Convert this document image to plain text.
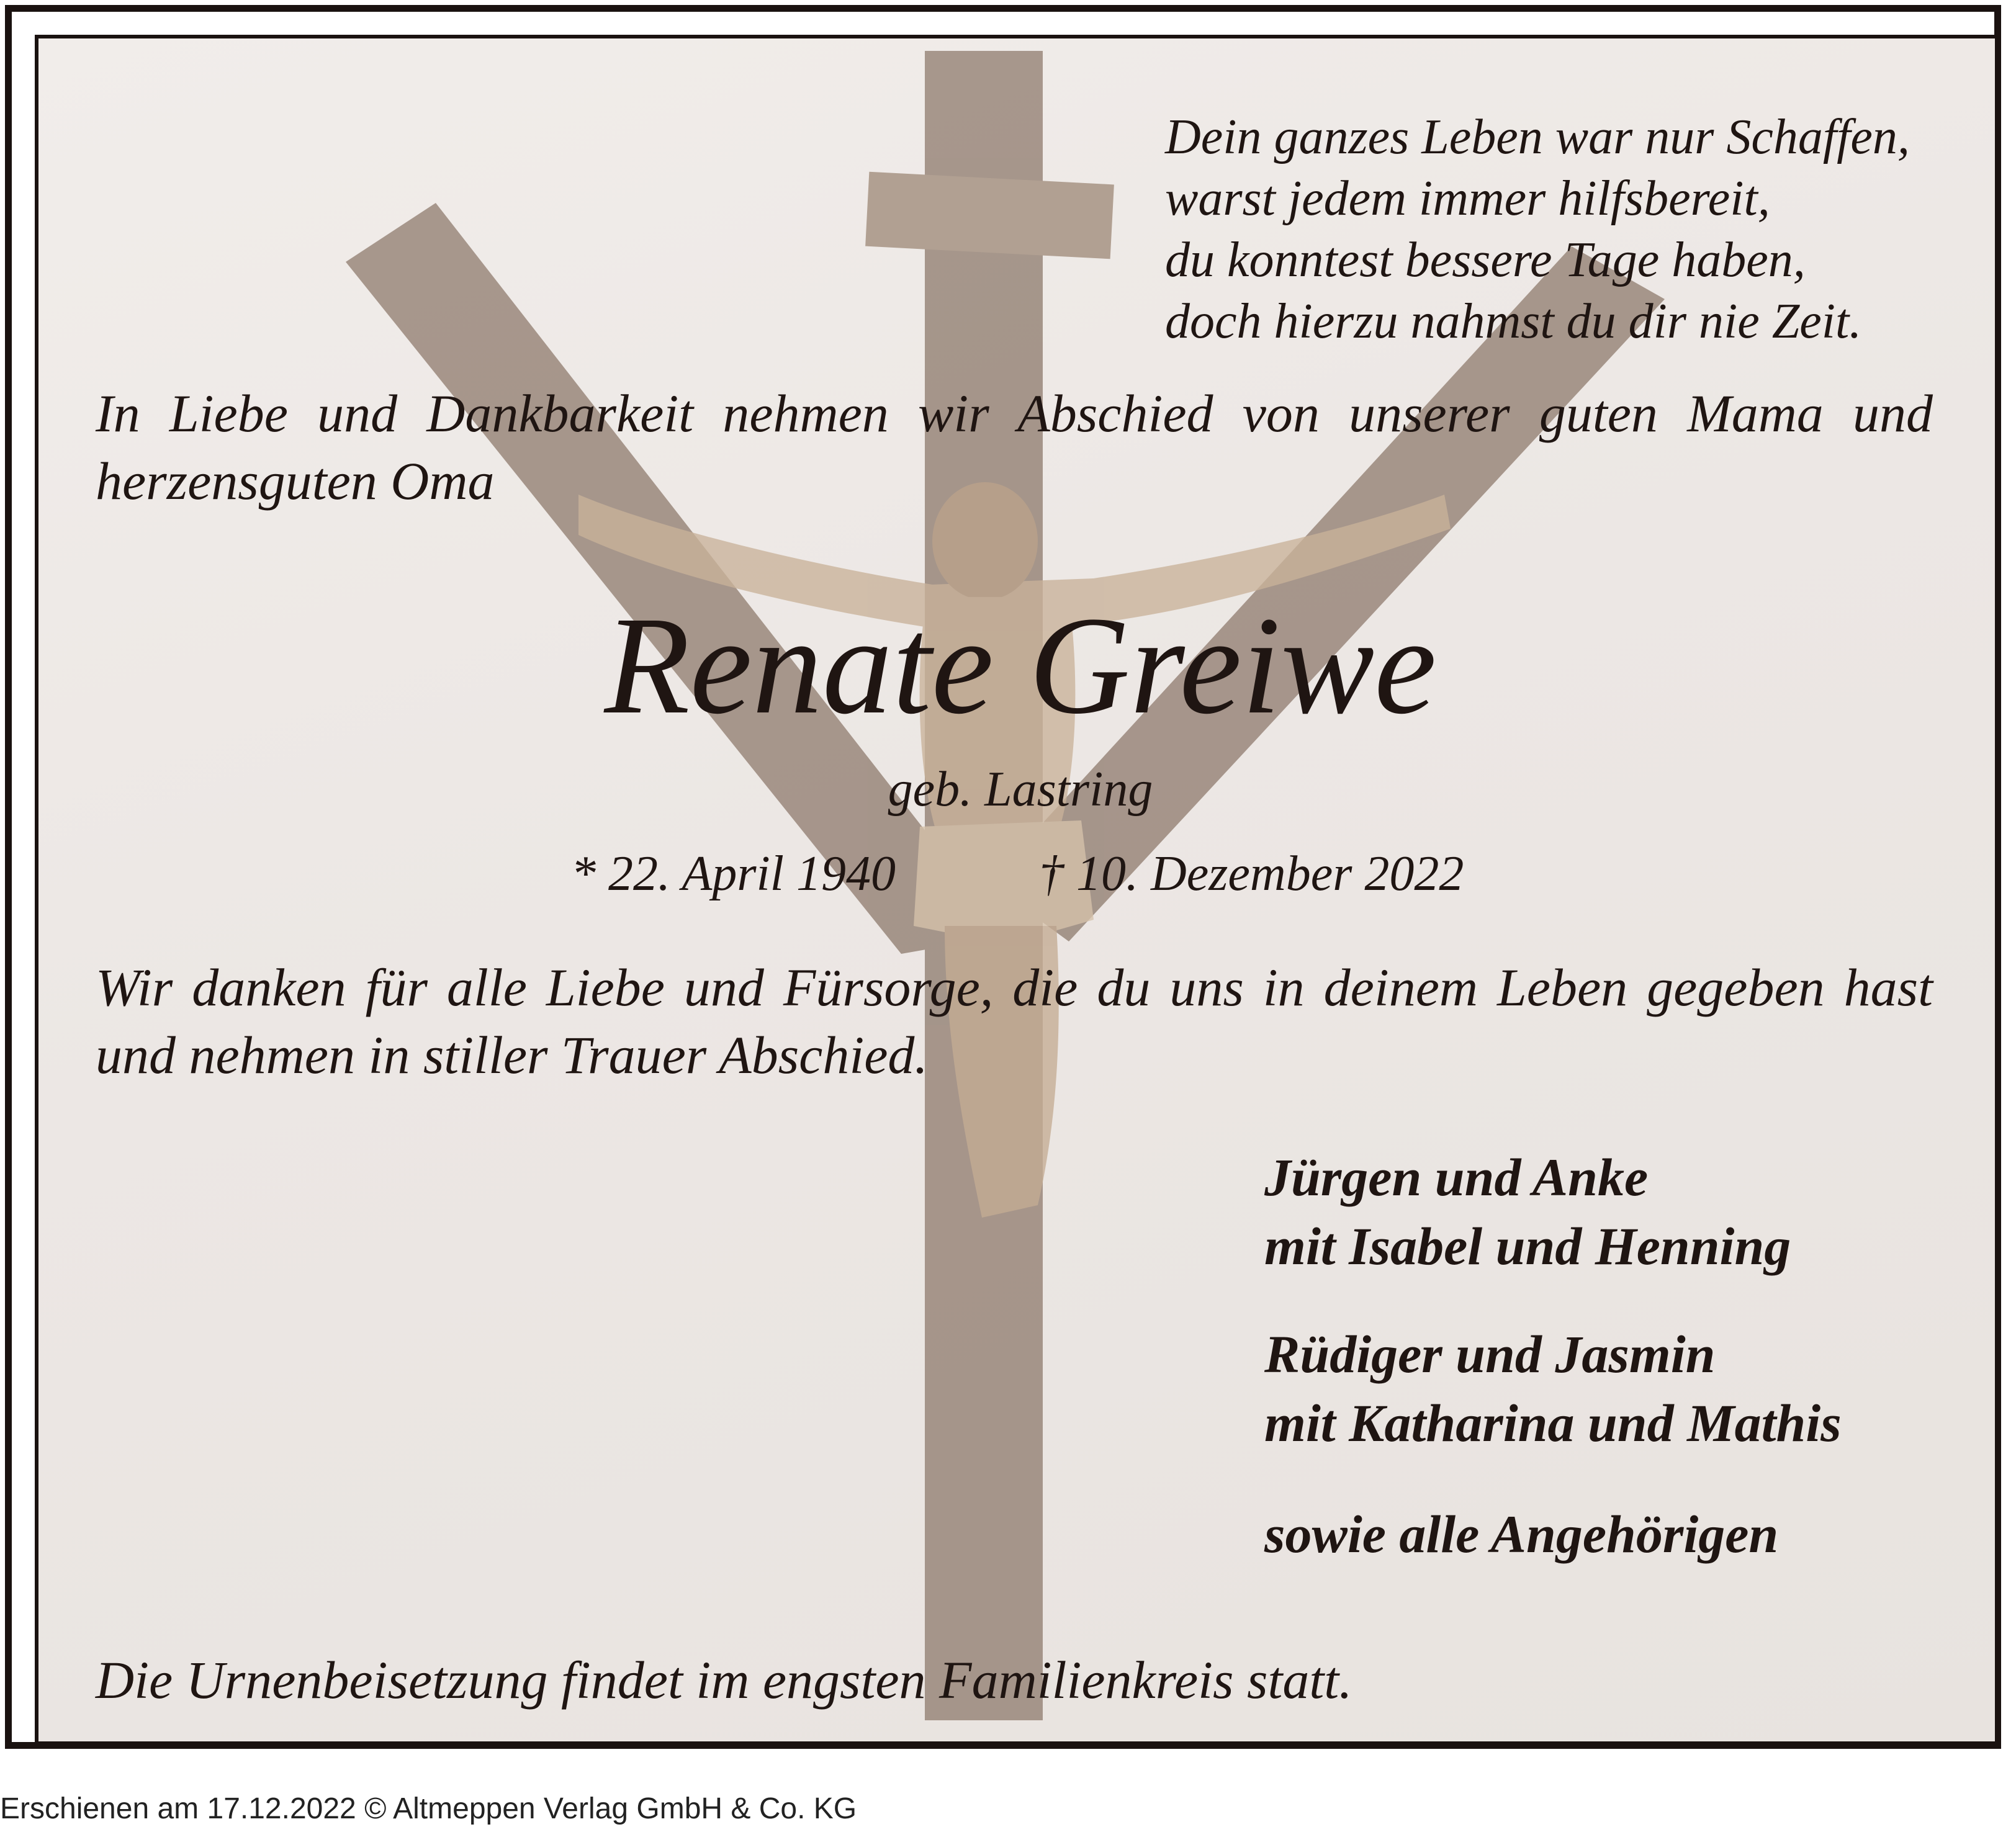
Dein ganzes Leben war nur Schaffen,
warst jedem immer hilfsbereit,
du konntest bessere Tage haben,
doch hierzu nahmst du dir nie Zeit.
In Liebe und Dankbarkeit nehmen wir Abschied von unserer guten Mama und herzensguten Oma
Renate Greiwe
geb. Lastring
* 22. April 1940	† 10. Dezember 2022
Wir danken für alle Liebe und Fürsorge, die du uns in deinem Leben gegeben hast und nehmen in stiller Trauer Abschied.
Jürgen und Anke
mit Isabel und Henning
Rüdiger und Jasmin
mit Katharina und Mathis
sowie alle Angehörigen
Die Urnenbeisetzung findet im engsten Familienkreis statt.
Erschienen am 17.12.2022 © Altmeppen Verlag GmbH & Co. KG
